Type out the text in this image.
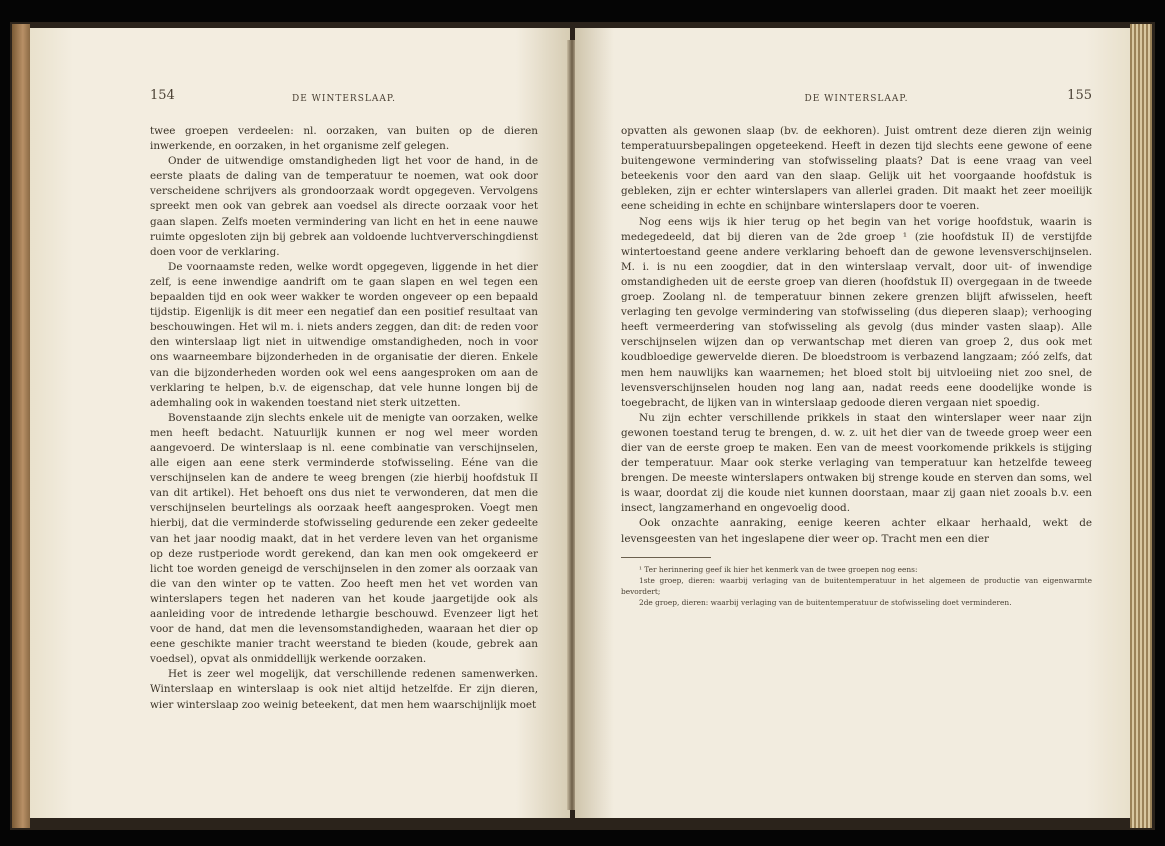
154	DE WINTERSLAAP.

twee groepen verdeelen: nl. oorzaken, van buiten op de dieren inwerkende, en oorzaken, in het organisme zelf gelegen.

Onder de uitwendige omstandigheden ligt het voor de hand, in de eerste plaats de daling van de temperatuur te noemen, wat ook door verscheidene schrijvers als grondoorzaak wordt opgegeven. Vervolgens spreekt men ook van gebrek aan voedsel als directe oorzaak voor het gaan slapen. Zelfs moeten vermindering van licht en het in eene nauwe ruimte opgesloten zijn bij gebrek aan voldoende luchtververschingdienst doen voor de verklaring.

De voornaamste reden, welke wordt opgegeven, liggende in het dier zelf, is eene inwendige aandrift om te gaan slapen en wel tegen een bepaalden tijd en ook weer wakker te worden ongeveer op een bepaald tijdstip. Eigenlijk is dit meer een negatief dan een positief resultaat van beschouwingen. Het wil m. i. niets anders zeggen, dan dit: de reden voor den winterslaap ligt niet in uitwendige omstandigheden, noch in voor ons waarneembare bijzonderheden in de organisatie der dieren. Enkele van die bijzonderheden worden ook wel eens aangesproken om aan de verklaring te helpen, b.v. de eigenschap, dat vele hunne longen bij de ademhaling ook in wakenden toestand niet sterk uitzetten.

Bovenstaande zijn slechts enkele uit de menigte van oorzaken, welke men heeft bedacht. Natuurlijk kunnen er nog wel meer worden aangevoerd. De winterslaap is nl. eene combinatie van verschijnselen, alle eigen aan eene sterk verminderde stofwisseling. Eéne van die verschijnselen kan de andere te weeg brengen (zie hierbij hoofdstuk II van dit artikel). Het behoeft ons dus niet te verwonderen, dat men die verschijnselen beurtelings als oorzaak heeft aangesproken. Voegt men hierbij, dat die verminderde stofwisseling gedurende een zeker gedeelte van het jaar noodig maakt, dat in het verdere leven van het organisme op deze rustperiode wordt gerekend, dan kan men ook omgekeerd er licht toe worden geneigd de verschijnselen in den zomer als oorzaak van die van den winter op te vatten. Zoo heeft men het vet worden van winterslapers tegen het naderen van het koude jaargetijde ook als aanleiding voor de intredende lethargie beschouwd. Evenzeer ligt het voor de hand, dat men die levensomstandigheden, waaraan het dier op eene geschikte manier tracht weerstand te bieden (koude, gebrek aan voedsel), opvat als onmiddellijk werkende oorzaken.

Het is zeer wel mogelijk, dat verschillende redenen samenwerken. Winterslaap en winterslaap is ook niet altijd hetzelfde. Er zijn dieren, wier winterslaap zoo weinig beteekent, dat men hem waarschijnlijk moet

DE WINTERSLAAP.	155

opvatten als gewonen slaap (bv. de eekhoren). Juist omtrent deze dieren zijn weinig temperatuursbepalingen opgeteekend. Heeft in dezen tijd slechts eene gewone of eene buitengewone vermindering van stofwisseling plaats? Dat is eene vraag van veel beteekenis voor den aard van den slaap. Gelijk uit het voorgaande hoofdstuk is gebleken, zijn er echter winterslapers van allerlei graden. Dit maakt het zeer moeilijk eene scheiding in echte en schijnbare winterslapers door te voeren.

Nog eens wijs ik hier terug op het begin van het vorige hoofdstuk, waarin is medegedeeld, dat bij dieren van de 2de groep ¹ (zie hoofdstuk II) de verstijfde wintertoestand geene andere verklaring behoeft dan de gewone levensverschijnselen. M. i. is nu een zoogdier, dat in den winterslaap vervalt, door uit- of inwendige omstandigheden uit de eerste groep van dieren (hoofdstuk II) overgegaan in de tweede groep. Zoolang nl. de temperatuur binnen zekere grenzen blijft afwisselen, heeft verlaging ten gevolge vermindering van stofwisseling (dus dieperen slaap); verhooging heeft vermeerdering van stofwisseling als gevolg (dus minder vasten slaap). Alle verschijnselen wijzen dan op verwantschap met dieren van groep 2, dus ook met koudbloedige gewervelde dieren. De bloedstroom is verbazend langzaam; zóó zelfs, dat men hem nauwlijks kan waarnemen; het bloed stolt bij uitvloeiing niet zoo snel, de levensverschijnselen houden nog lang aan, nadat reeds eene doodelijke wonde is toegebracht, de lijken van in winterslaap gedoode dieren vergaan niet spoedig.

Nu zijn echter verschillende prikkels in staat den winterslaper weer naar zijn gewonen toestand terug te brengen, d. w. z. uit het dier van de tweede groep weer een dier van de eerste groep te maken. Een van de meest voorkomende prikkels is stijging der temperatuur. Maar ook sterke verlaging van temperatuur kan hetzelfde teweeg brengen. De meeste winterslapers ontwaken bij strenge koude en sterven dan soms, wel is waar, doordat zij die koude niet kunnen doorstaan, maar zij gaan niet zooals b.v. een insect, langzamerhand en ongevoelig dood.

Ook onzachte aanraking, eenige keeren achter elkaar herhaald, wekt de levensgeesten van het ingeslapene dier weer op. Tracht men een dier

¹ Ter herinnering geef ik hier het kenmerk van de twee groepen nog eens:

1ste groep, dieren: waarbij verlaging van de buitentemperatuur in het algemeen de productie van eigenwarmte bevordert;

2de groep, dieren: waarbij verlaging van de buitentemperatuur de stofwisseling doet verminderen.
